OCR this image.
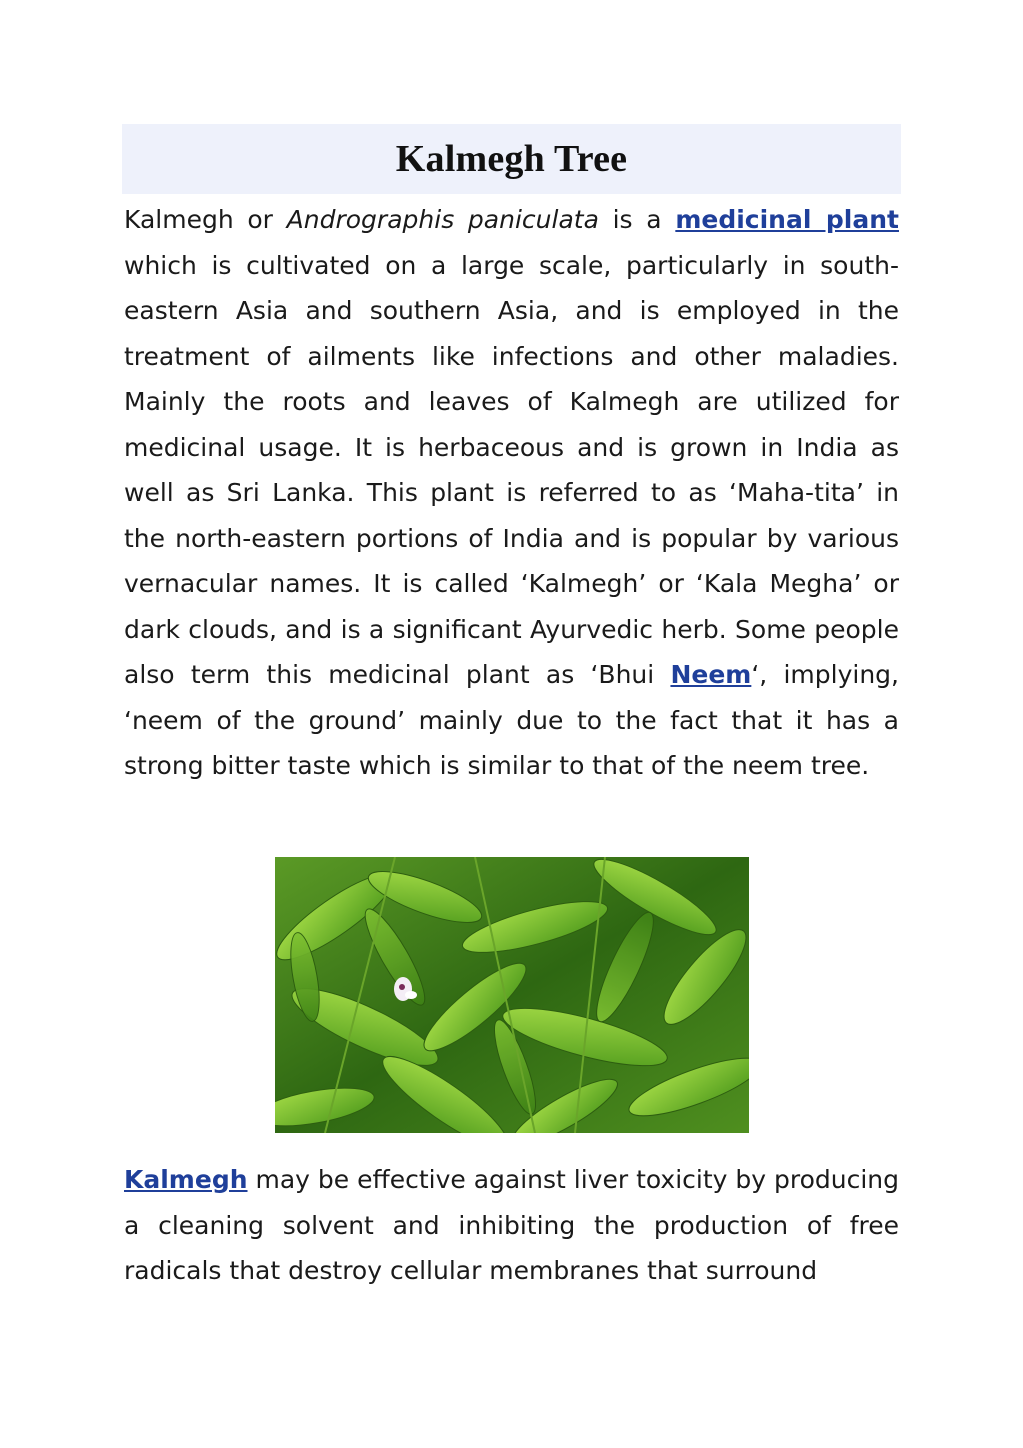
Kalmegh Tree

Kalmegh or Andrographis paniculata is a medicinal plant which is cultivated on a large scale, particularly in south-eastern Asia and southern Asia, and is employed in the treatment of ailments like infections and other maladies. Mainly the roots and leaves of Kalmegh are utilized for medicinal usage. It is herbaceous and is grown in India as well as Sri Lanka. This plant is referred to as ‘Maha-tita’ in the north-eastern portions of India and is popular by various vernacular names. It is called ‘Kalmegh’ or ‘Kala Megha’ or dark clouds, and is a significant Ayurvedic herb. Some people also term this medicinal plant as ‘Bhui Neem‘, implying, ‘neem of the ground’ mainly due to the fact that it has a strong bitter taste which is similar to that of the neem tree.

Kalmegh may be effective against liver toxicity by producing a cleaning solvent and inhibiting the production of free radicals that destroy cellular membranes that surround
